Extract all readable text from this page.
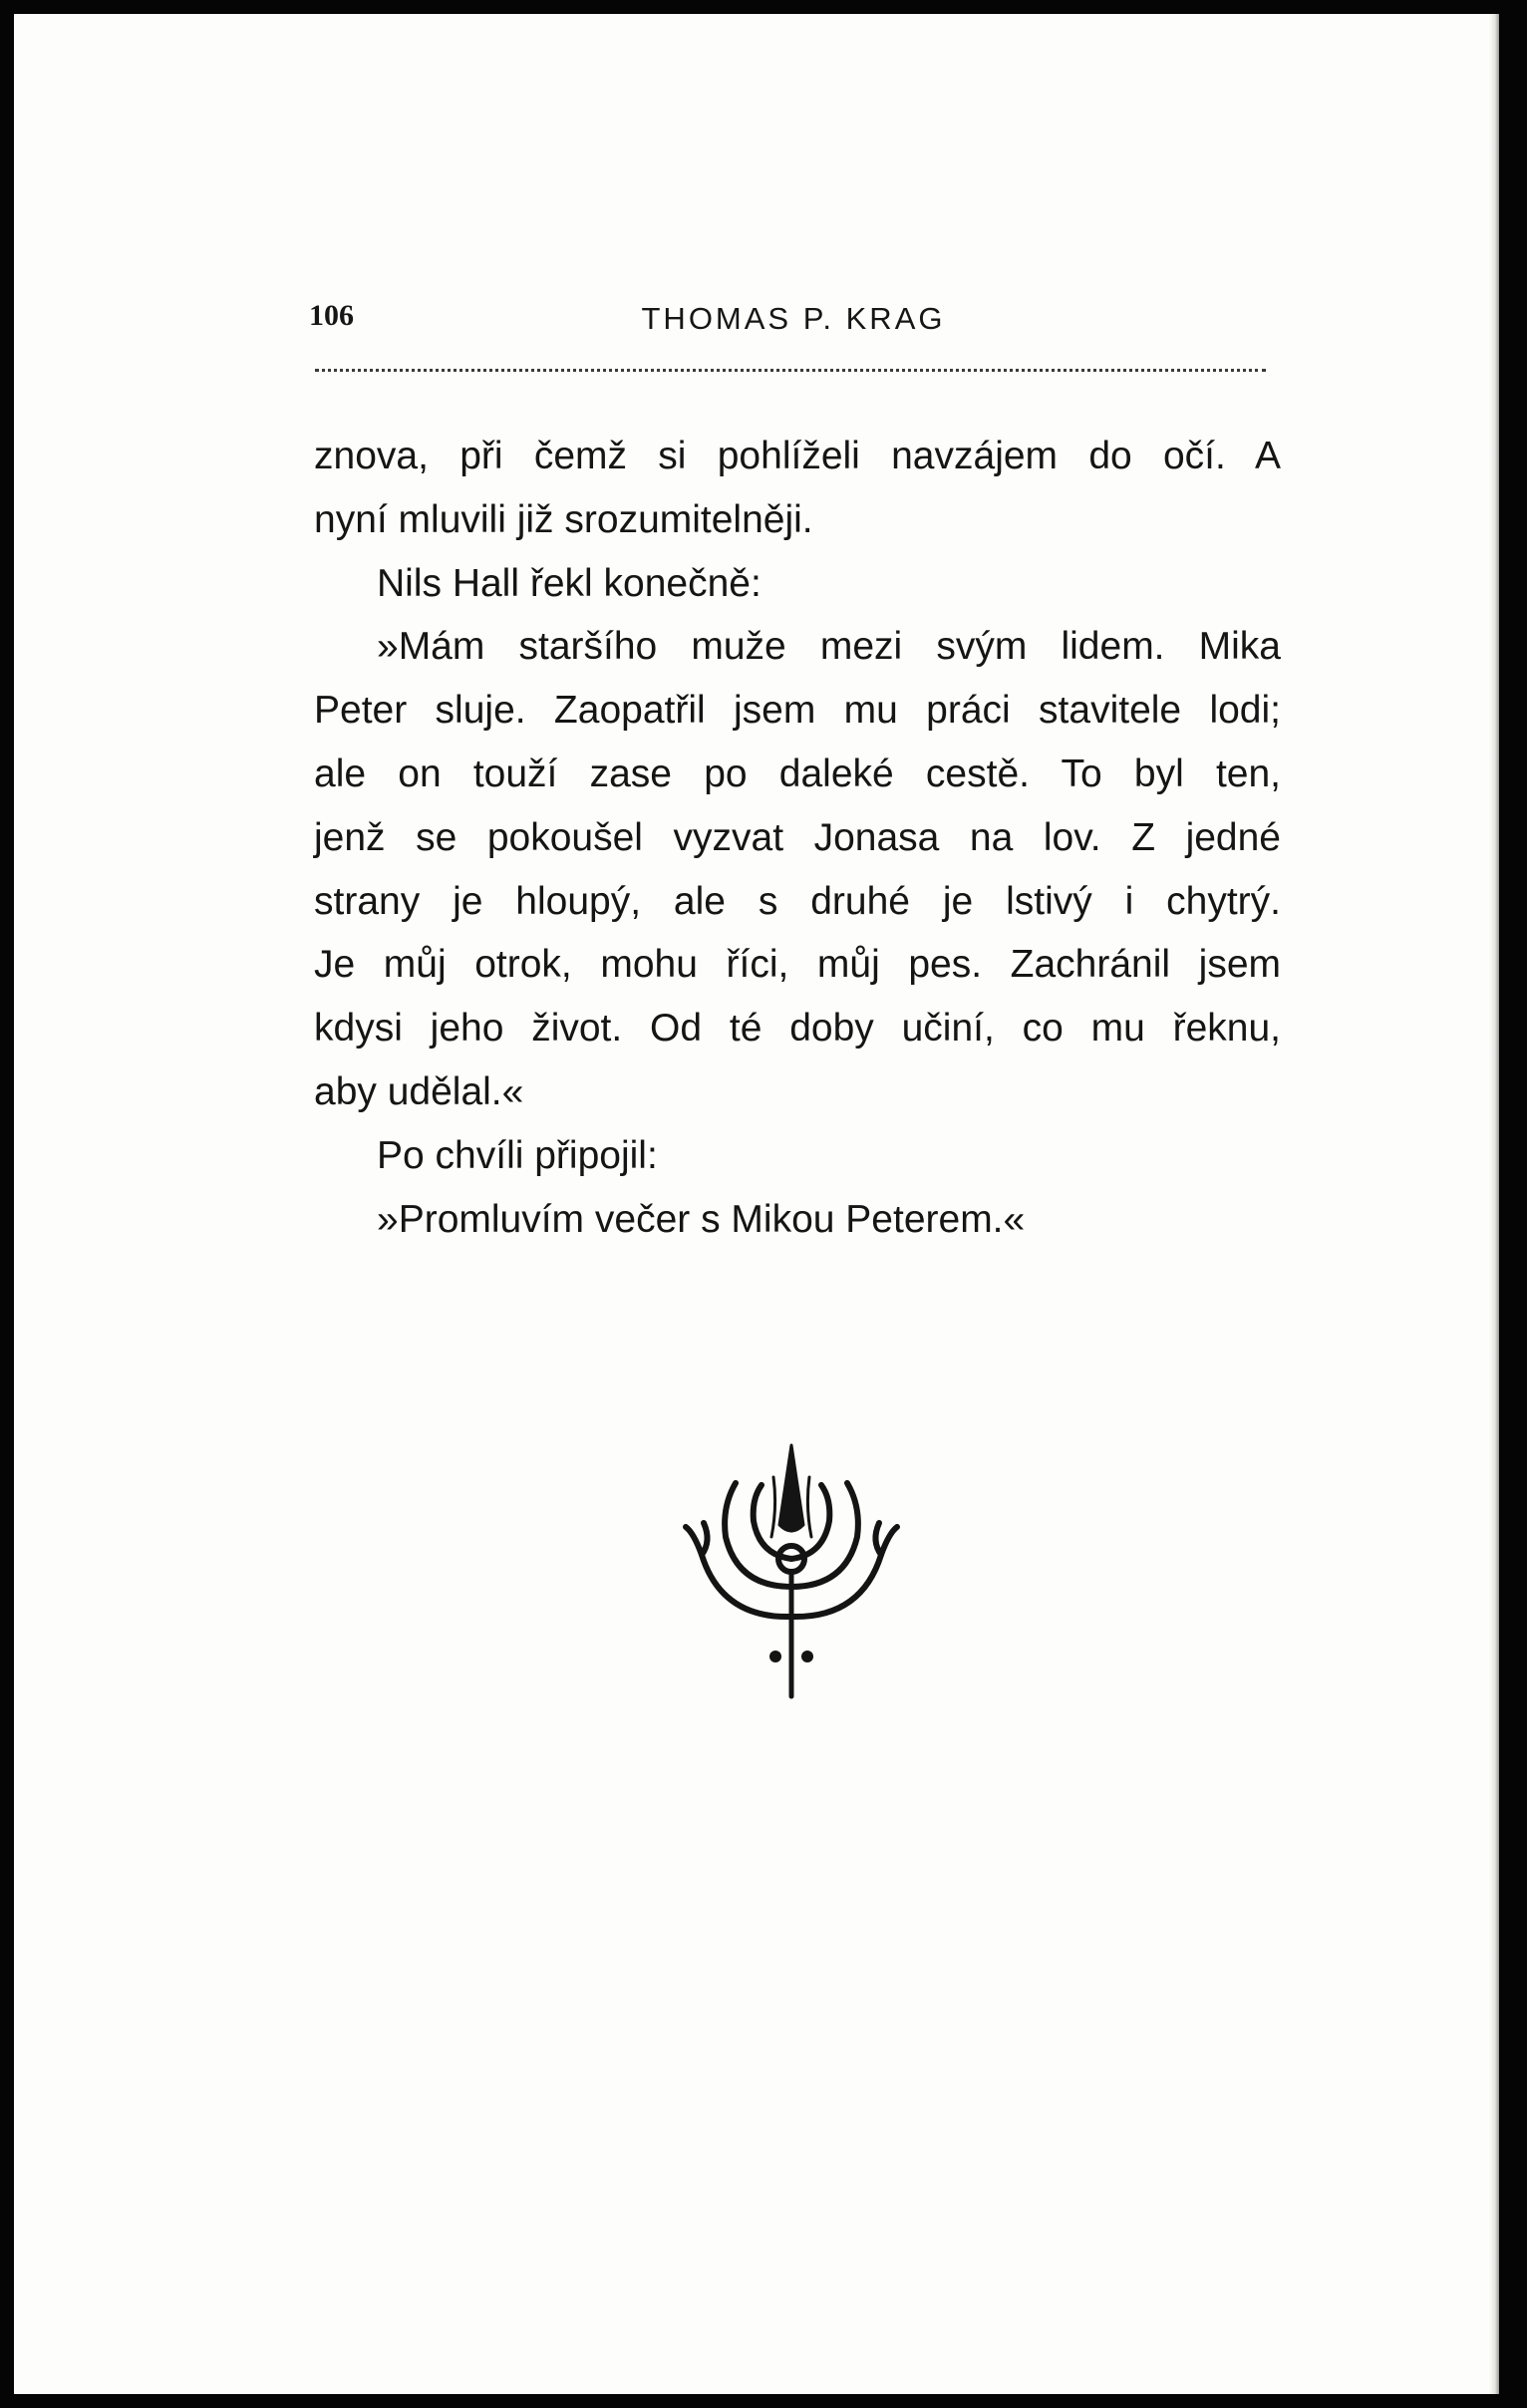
106	THOMAS P. KRAG
znova, při čemž si pohlíželi navzájem do očí. A
nyní mluvili již srozumitelněji.
Nils Hall řekl konečně:
»Mám staršího muže mezi svým lidem. Mika
Peter sluje. Zaopatřil jsem mu práci stavitele lodi;
ale on touží zase po daleké cestě. To byl ten,
jenž se pokoušel vyzvat Jonasa na lov. Z jedné
strany je hloupý, ale s druhé je lstivý i chytrý.
Je můj otrok, mohu říci, můj pes. Zachránil jsem
kdysi jeho život. Od té doby učiní, co mu řeknu,
aby udělal.«
Po chvíli připojil:
»Promluvím večer s Mikou Peterem.«
